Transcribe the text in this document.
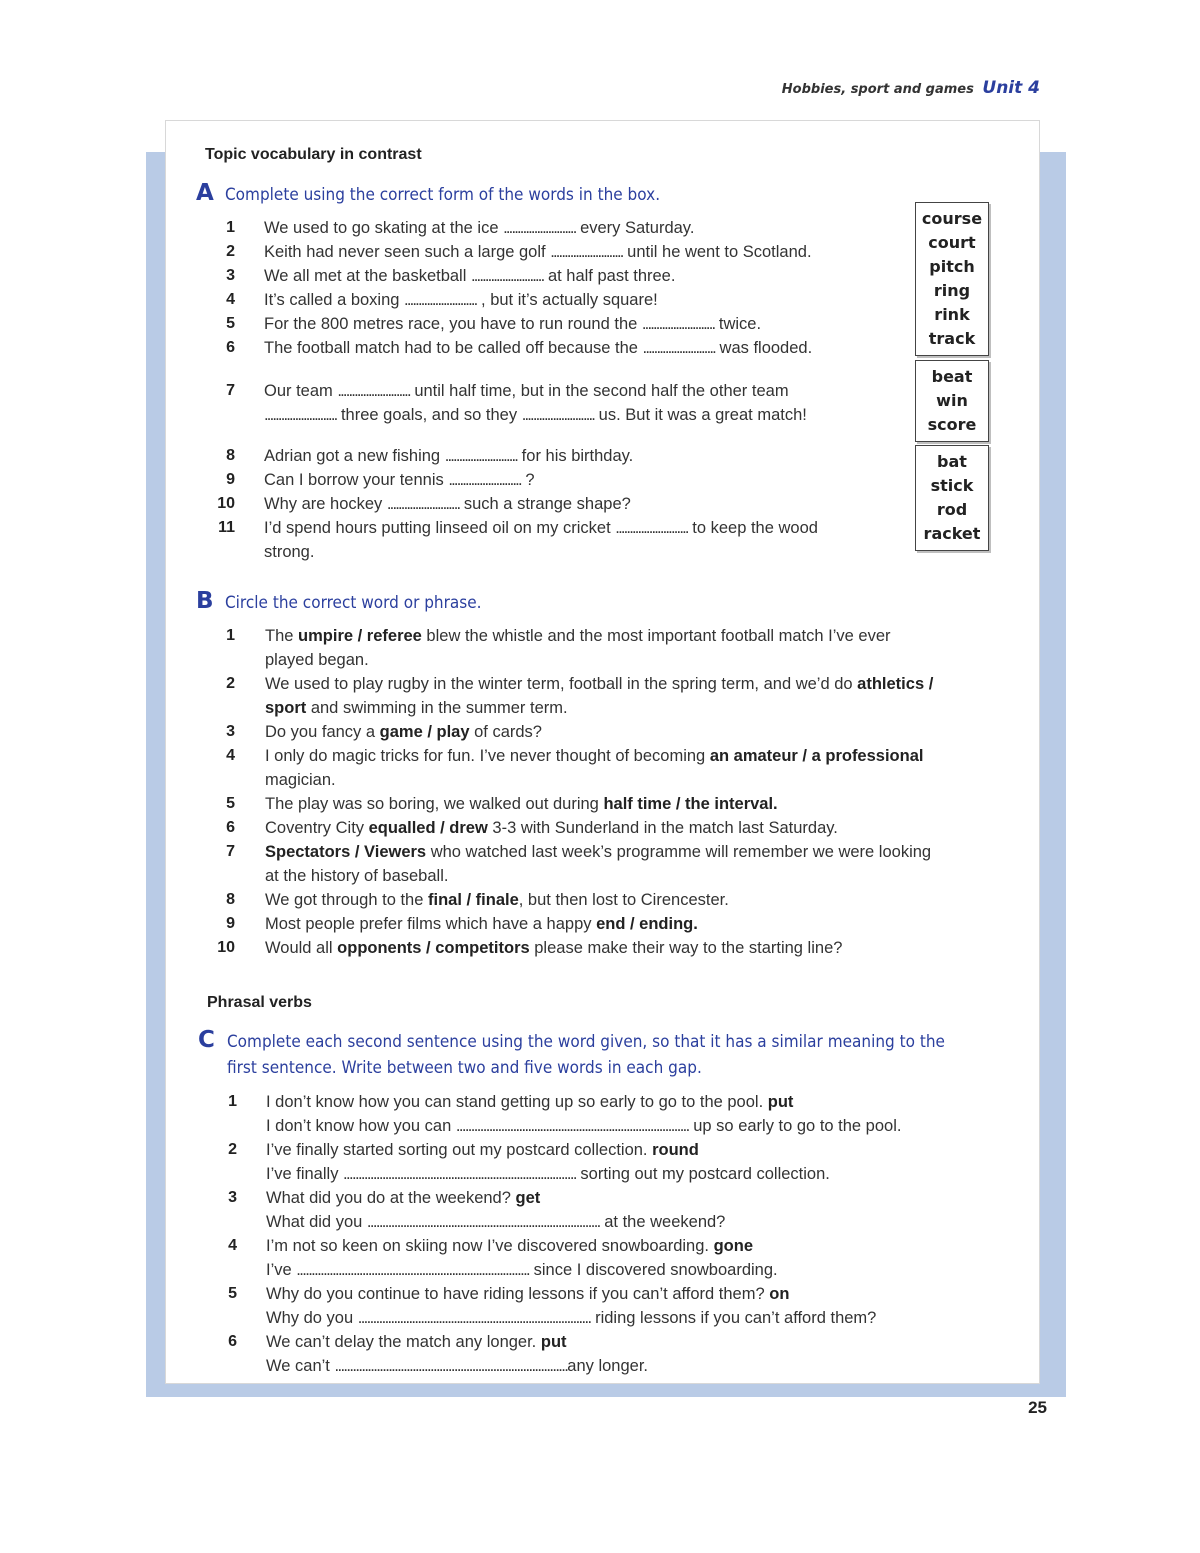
Hobbies, sport and games Unit 4
Topic vocabulary in contrast
A Complete using the correct form of the words in the box.
1 We used to go skating at the ice .......................... every Saturday.
2 Keith had never seen such a large golf .......................... until he went to Scotland.
3 We all met at the basketball .......................... at half past three.
4 It’s called a boxing .......................... , but it’s actually square!
5 For the 800 metres race, you have to run round the .......................... twice.
6 The football match had to be called off because the .......................... was flooded.
7 Our team .......................... until half time, but in the second half the other team
.......................... three goals, and so they .......................... us. But it was a great match!
8 Adrian got a new fishing .......................... for his birthday.
9 Can I borrow your tennis .......................... ?
10 Why are hockey .......................... such a strange shape?
11 I’d spend hours putting linseed oil on my cricket .......................... to keep the wood
strong.
course
court
pitch
ring
rink
track
beat
win
score
bat
stick
rod
racket
B Circle the correct word or phrase.
1 The umpire / referee blew the whistle and the most important football match I’ve ever
played began.
2 We used to play rugby in the winter term, football in the spring term, and we’d do athletics /
sport and swimming in the summer term.
3 Do you fancy a game / play of cards?
4 I only do magic tricks for fun. I’ve never thought of becoming an amateur / a professional
magician.
5 The play was so boring, we walked out during half time / the interval.
6 Coventry City equalled / drew 3-3 with Sunderland in the match last Saturday.
7 Spectators / Viewers who watched last week’s programme will remember we were looking
at the history of baseball.
8 We got through to the final / finale, but then lost to Cirencester.
9 Most people prefer films which have a happy end / ending.
10 Would all opponents / competitors please make their way to the starting line?
Phrasal verbs
C Complete each second sentence using the word given, so that it has a similar meaning to the
first sentence. Write between two and five words in each gap.
1 I don’t know how you can stand getting up so early to go to the pool. put
I don’t know how you can .............................................................................. up so early to go to the pool.
2 I’ve finally started sorting out my postcard collection. round
I’ve finally .............................................................................. sorting out my postcard collection.
3 What did you do at the weekend? get
What did you .............................................................................. at the weekend?
4 I’m not so keen on skiing now I’ve discovered snowboarding. gone
I’ve .............................................................................. since I discovered snowboarding.
5 Why do you continue to have riding lessons if you can’t afford them? on
Why do you .............................................................................. riding lessons if you can’t afford them?
6 We can’t delay the match any longer. put
We can’t ..............................................................................any longer.
25
